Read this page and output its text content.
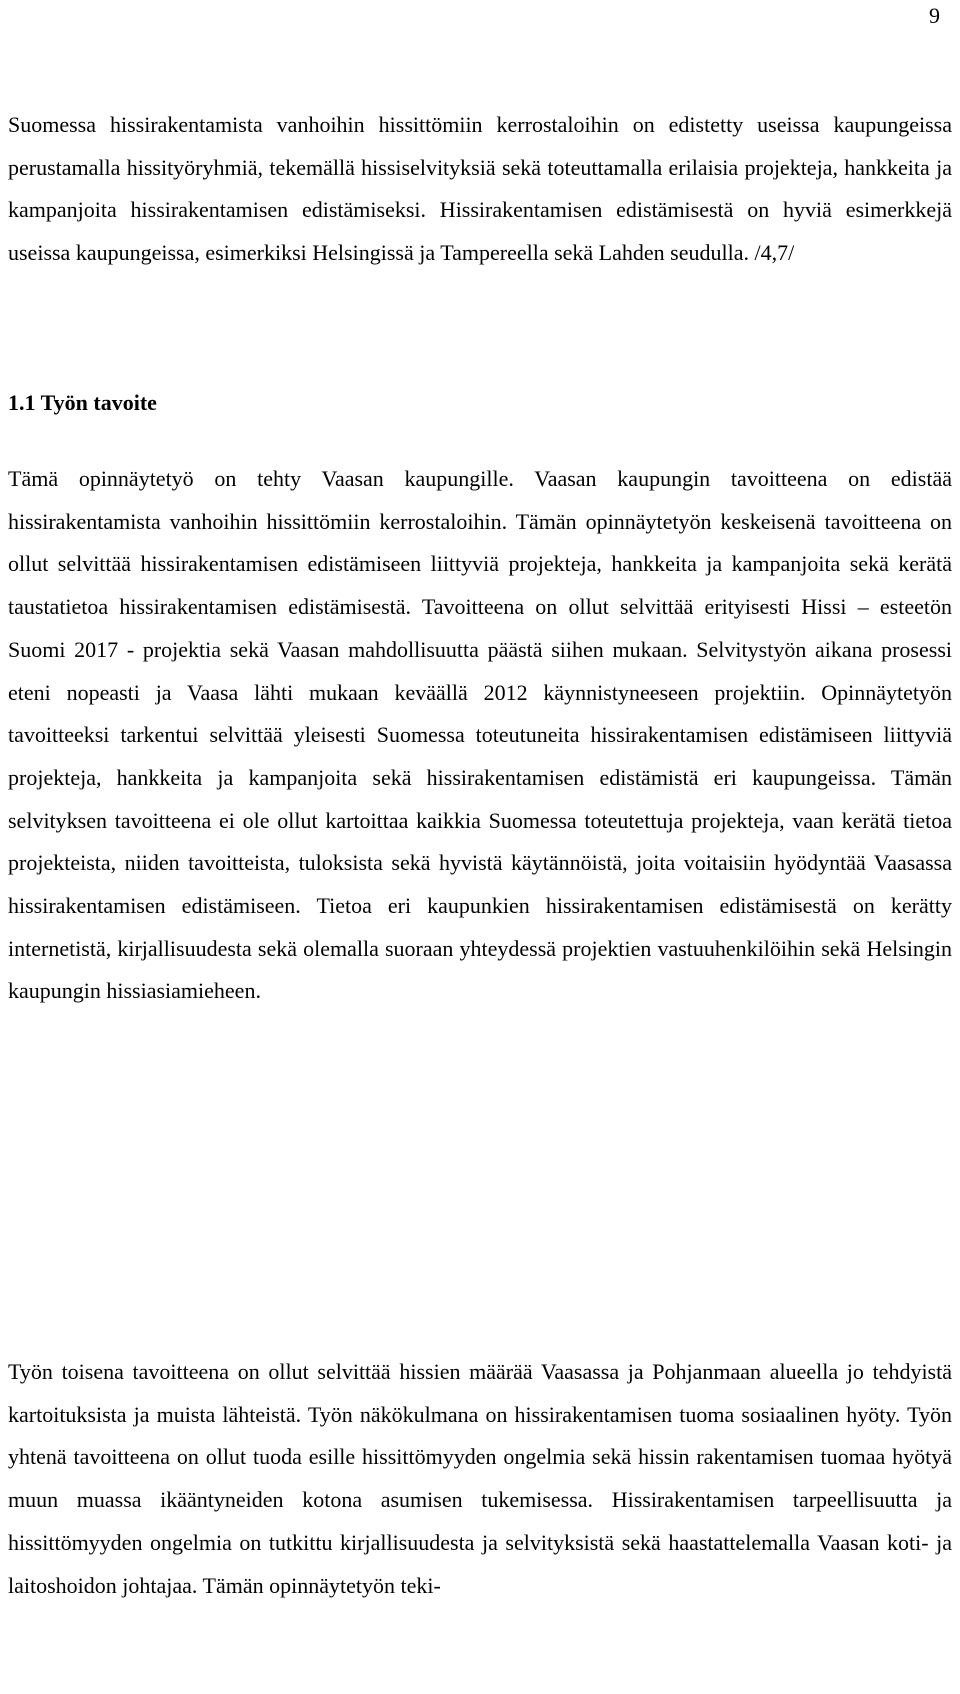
9

Suomessa hissirakentamista vanhoihin hissittömiin kerrostaloihin on edistetty useissa kaupungeissa perustamalla hissityöryhmiä, tekemällä hissiselvityksiä sekä toteuttamalla erilaisia projekteja, hankkeita ja kampanjoita hissirakentamisen edistämiseksi. Hissirakentamisen edistämisestä on hyviä esimerkkejä useissa kaupungeissa, esimerkiksi Helsingissä ja Tampereella sekä Lahden seudulla. /4,7/

1.1 Työn tavoite

Tämä opinnäytetyö on tehty Vaasan kaupungille. Vaasan kaupungin tavoitteena on edistää hissirakentamista vanhoihin hissittömiin kerrostaloihin. Tämän opinnäytetyön keskeisenä tavoitteena on ollut selvittää hissirakentamisen edistämiseen liittyviä projekteja, hankkeita ja kampanjoita sekä kerätä taustatietoa hissirakentamisen edistämisestä. Tavoitteena on ollut selvittää erityisesti Hissi – esteetön Suomi 2017 - projektia sekä Vaasan mahdollisuutta päästä siihen mukaan. Selvitystyön aikana prosessi eteni nopeasti ja Vaasa lähti mukaan keväällä 2012 käynnistyneeseen projektiin. Opinnäytetyön tavoitteeksi tarkentui selvittää yleisesti Suomessa toteutuneita hissirakentamisen edistämiseen liittyviä projekteja, hankkeita ja kampanjoita sekä hissirakentamisen edistämistä eri kaupungeissa. Tämän selvityksen tavoitteena ei ole ollut kartoittaa kaikkia Suomessa toteutettuja projekteja, vaan kerätä tietoa projekteista, niiden tavoitteista, tuloksista sekä hyvistä käytännöistä, joita voitaisiin hyödyntää Vaasassa hissirakentamisen edistämiseen. Tietoa eri kaupunkien hissirakentamisen edistämisestä on kerätty internetistä, kirjallisuudesta sekä olemalla suoraan yhteydessä projektien vastuuhenkilöihin sekä Helsingin kaupungin hissiasiamieheen.

Työn toisena tavoitteena on ollut selvittää hissien määrää Vaasassa ja Pohjanmaan alueella jo tehdyistä kartoituksista ja muista lähteistä. Työn näkökulmana on hissirakentamisen tuoma sosiaalinen hyöty. Työn yhtenä tavoitteena on ollut tuoda esille hissittömyyden ongelmia sekä hissin rakentamisen tuomaa hyötyä muun muassa ikääntyneiden kotona asumisen tukemisessa. Hissirakentamisen tarpeellisuutta ja hissittömyyden ongelmia on tutkittu kirjallisuudesta ja selvityksistä sekä haastattelemalla Vaasan koti- ja laitoshoidon johtajaa. Tämän opinnäytetyön teki-
